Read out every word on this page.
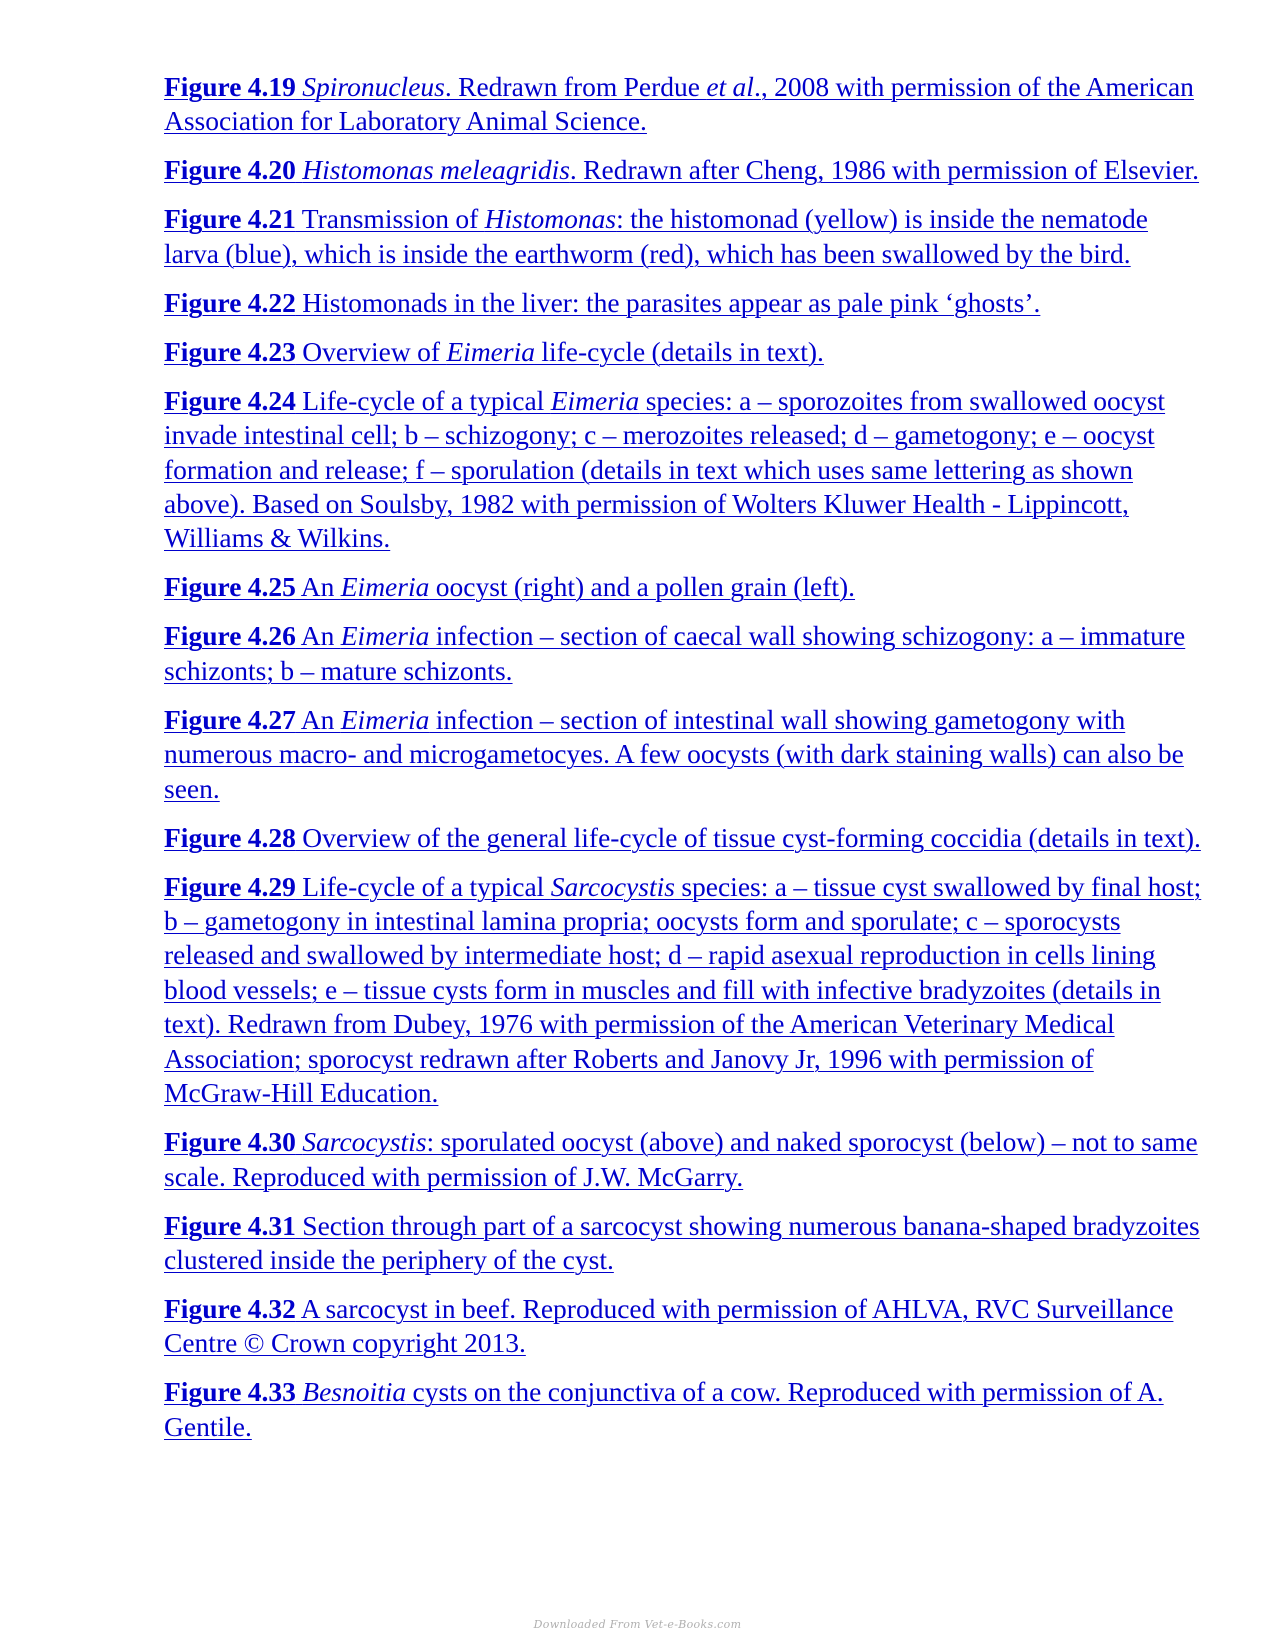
Figure 4.19 Spironucleus. Redrawn from Perdue et al., 2008 with permission of the American Association for Laboratory Animal Science.
Figure 4.20 Histomonas meleagridis. Redrawn after Cheng, 1986 with permission of Elsevier.
Figure 4.21 Transmission of Histomonas: the histomonad (yellow) is inside the nematode larva (blue), which is inside the earthworm (red), which has been swallowed by the bird.
Figure 4.22 Histomonads in the liver: the parasites appear as pale pink ‘ghosts’.
Figure 4.23 Overview of Eimeria life-cycle (details in text).
Figure 4.24 Life-cycle of a typical Eimeria species: a – sporozoites from swallowed oocyst invade intestinal cell; b – schizogony; c – merozoites released; d – gametogony; e – oocyst formation and release; f – sporulation (details in text which uses same lettering as shown above). Based on Soulsby, 1982 with permission of Wolters Kluwer Health - Lippincott, Williams & Wilkins.
Figure 4.25 An Eimeria oocyst (right) and a pollen grain (left).
Figure 4.26 An Eimeria infection – section of caecal wall showing schizogony: a – immature schizonts; b – mature schizonts.
Figure 4.27 An Eimeria infection – section of intestinal wall showing gametogony with numerous macro- and microgametocyes. A few oocysts (with dark staining walls) can also be seen.
Figure 4.28 Overview of the general life-cycle of tissue cyst-forming coccidia (details in text).
Figure 4.29 Life-cycle of a typical Sarcocystis species: a – tissue cyst swallowed by final host; b – gametogony in intestinal lamina propria; oocysts form and sporulate; c – sporocysts released and swallowed by intermediate host; d – rapid asexual reproduction in cells lining blood vessels; e – tissue cysts form in muscles and fill with infective bradyzoites (details in text). Redrawn from Dubey, 1976 with permission of the American Veterinary Medical Association; sporocyst redrawn after Roberts and Janovy Jr, 1996 with permission of McGraw-Hill Education.
Figure 4.30 Sarcocystis: sporulated oocyst (above) and naked sporocyst (below) – not to same scale. Reproduced with permission of J.W. McGarry.
Figure 4.31 Section through part of a sarcocyst showing numerous banana-shaped bradyzoites clustered inside the periphery of the cyst.
Figure 4.32 A sarcocyst in beef. Reproduced with permission of AHLVA, RVC Surveillance Centre © Crown copyright 2013.
Figure 4.33 Besnoitia cysts on the conjunctiva of a cow. Reproduced with permission of A. Gentile.
Downloaded From Vet-e-Books.com
